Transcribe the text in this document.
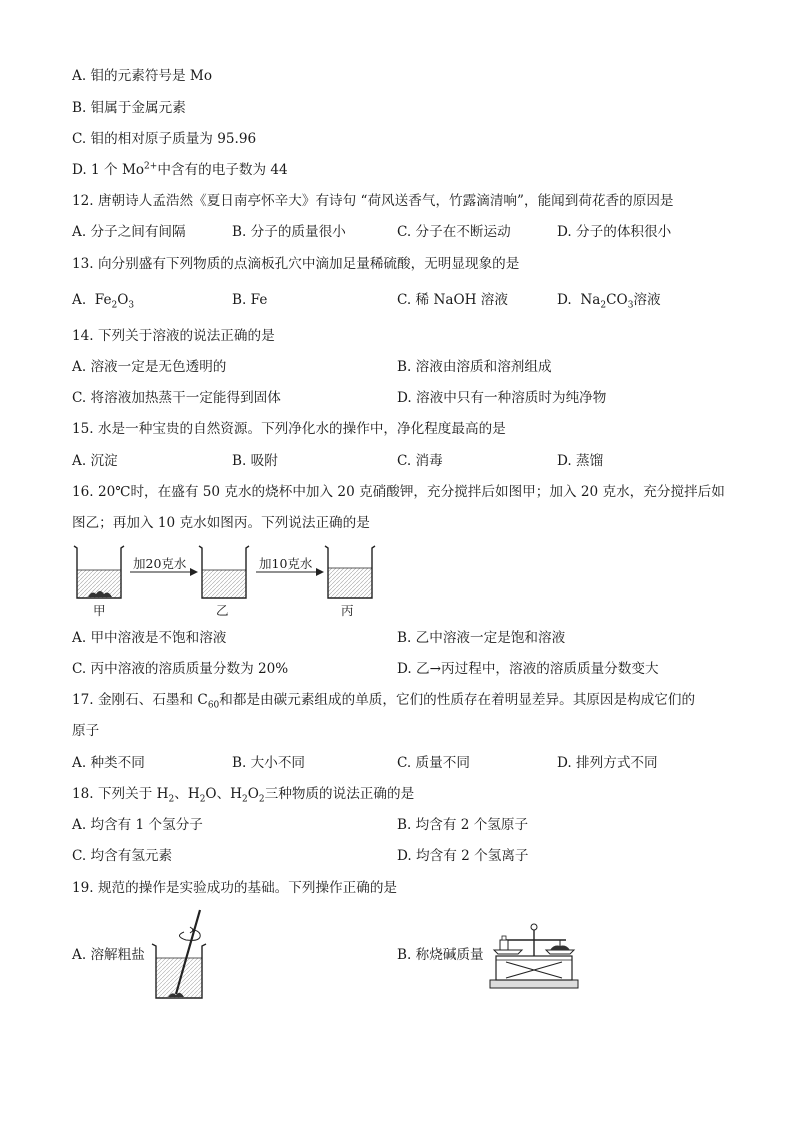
A. 钼的元素符号是 Mo
B. 钼属于金属元素
C. 钼的相对原子质量为 95.96
D. 1 个 $Mo^{2+}$中含有的电子数为 44
12. 唐朝诗人孟浩然《夏日南亭怀辛大》有诗句 “荷风送香气，竹露滴清响”，能闻到荷花香的原因是
A. 分子之间有间隔	B. 分子的质量很小	C. 分子在不断运动	D. 分子的体积很小
13. 向分别盛有下列物质的点滴板孔穴中滴加足量稀硫酸，无明显现象的是
A. $Fe_2O_3$	B. Fe	C. 稀 NaOH 溶液	D. $Na_2CO_3$溶液
14. 下列关于溶液的说法正确的是
A. 溶液一定是无色透明的	B. 溶液由溶质和溶剂组成
C. 将溶液加热蒸干一定能得到固体	D. 溶液中只有一种溶质时为纯净物
15. 水是一种宝贵的自然资源。下列净化水的操作中，净化程度最高的是
A. 沉淀	B. 吸附	C. 消毒	D. 蒸馏
16. 20℃时，在盛有 50 克水的烧杯中加入 20 克硝酸钾，充分搅拌后如图甲；加入 20 克水，充分搅拌后如
图乙；再加入 10 克水如图丙。下列说法正确的是
加20克水	加10克水
甲	乙	丙
A. 甲中溶液是不饱和溶液	B. 乙中溶液一定是饱和溶液
C. 丙中溶液的溶质质量分数为 20%	D. 乙→丙过程中，溶液的溶质质量分数变大
17. 金刚石、石墨和 $C_{60}$和都是由碳元素组成的单质，它们的性质存在着明显差异。其原因是构成它们的
原子
A. 种类不同	B. 大小不同	C. 质量不同	D. 排列方式不同
18. 下列关于 $H_2$、$H_2O$、$H_2O_2$三种物质的说法正确的是
A. 均含有 1 个氢分子	B. 均含有 2 个氢原子
C. 均含有氢元素	D. 均含有 2 个氢离子
19. 规范的操作是实验成功的基础。下列操作正确的是
A. 溶解粗盐	B. 称烧碱质量
